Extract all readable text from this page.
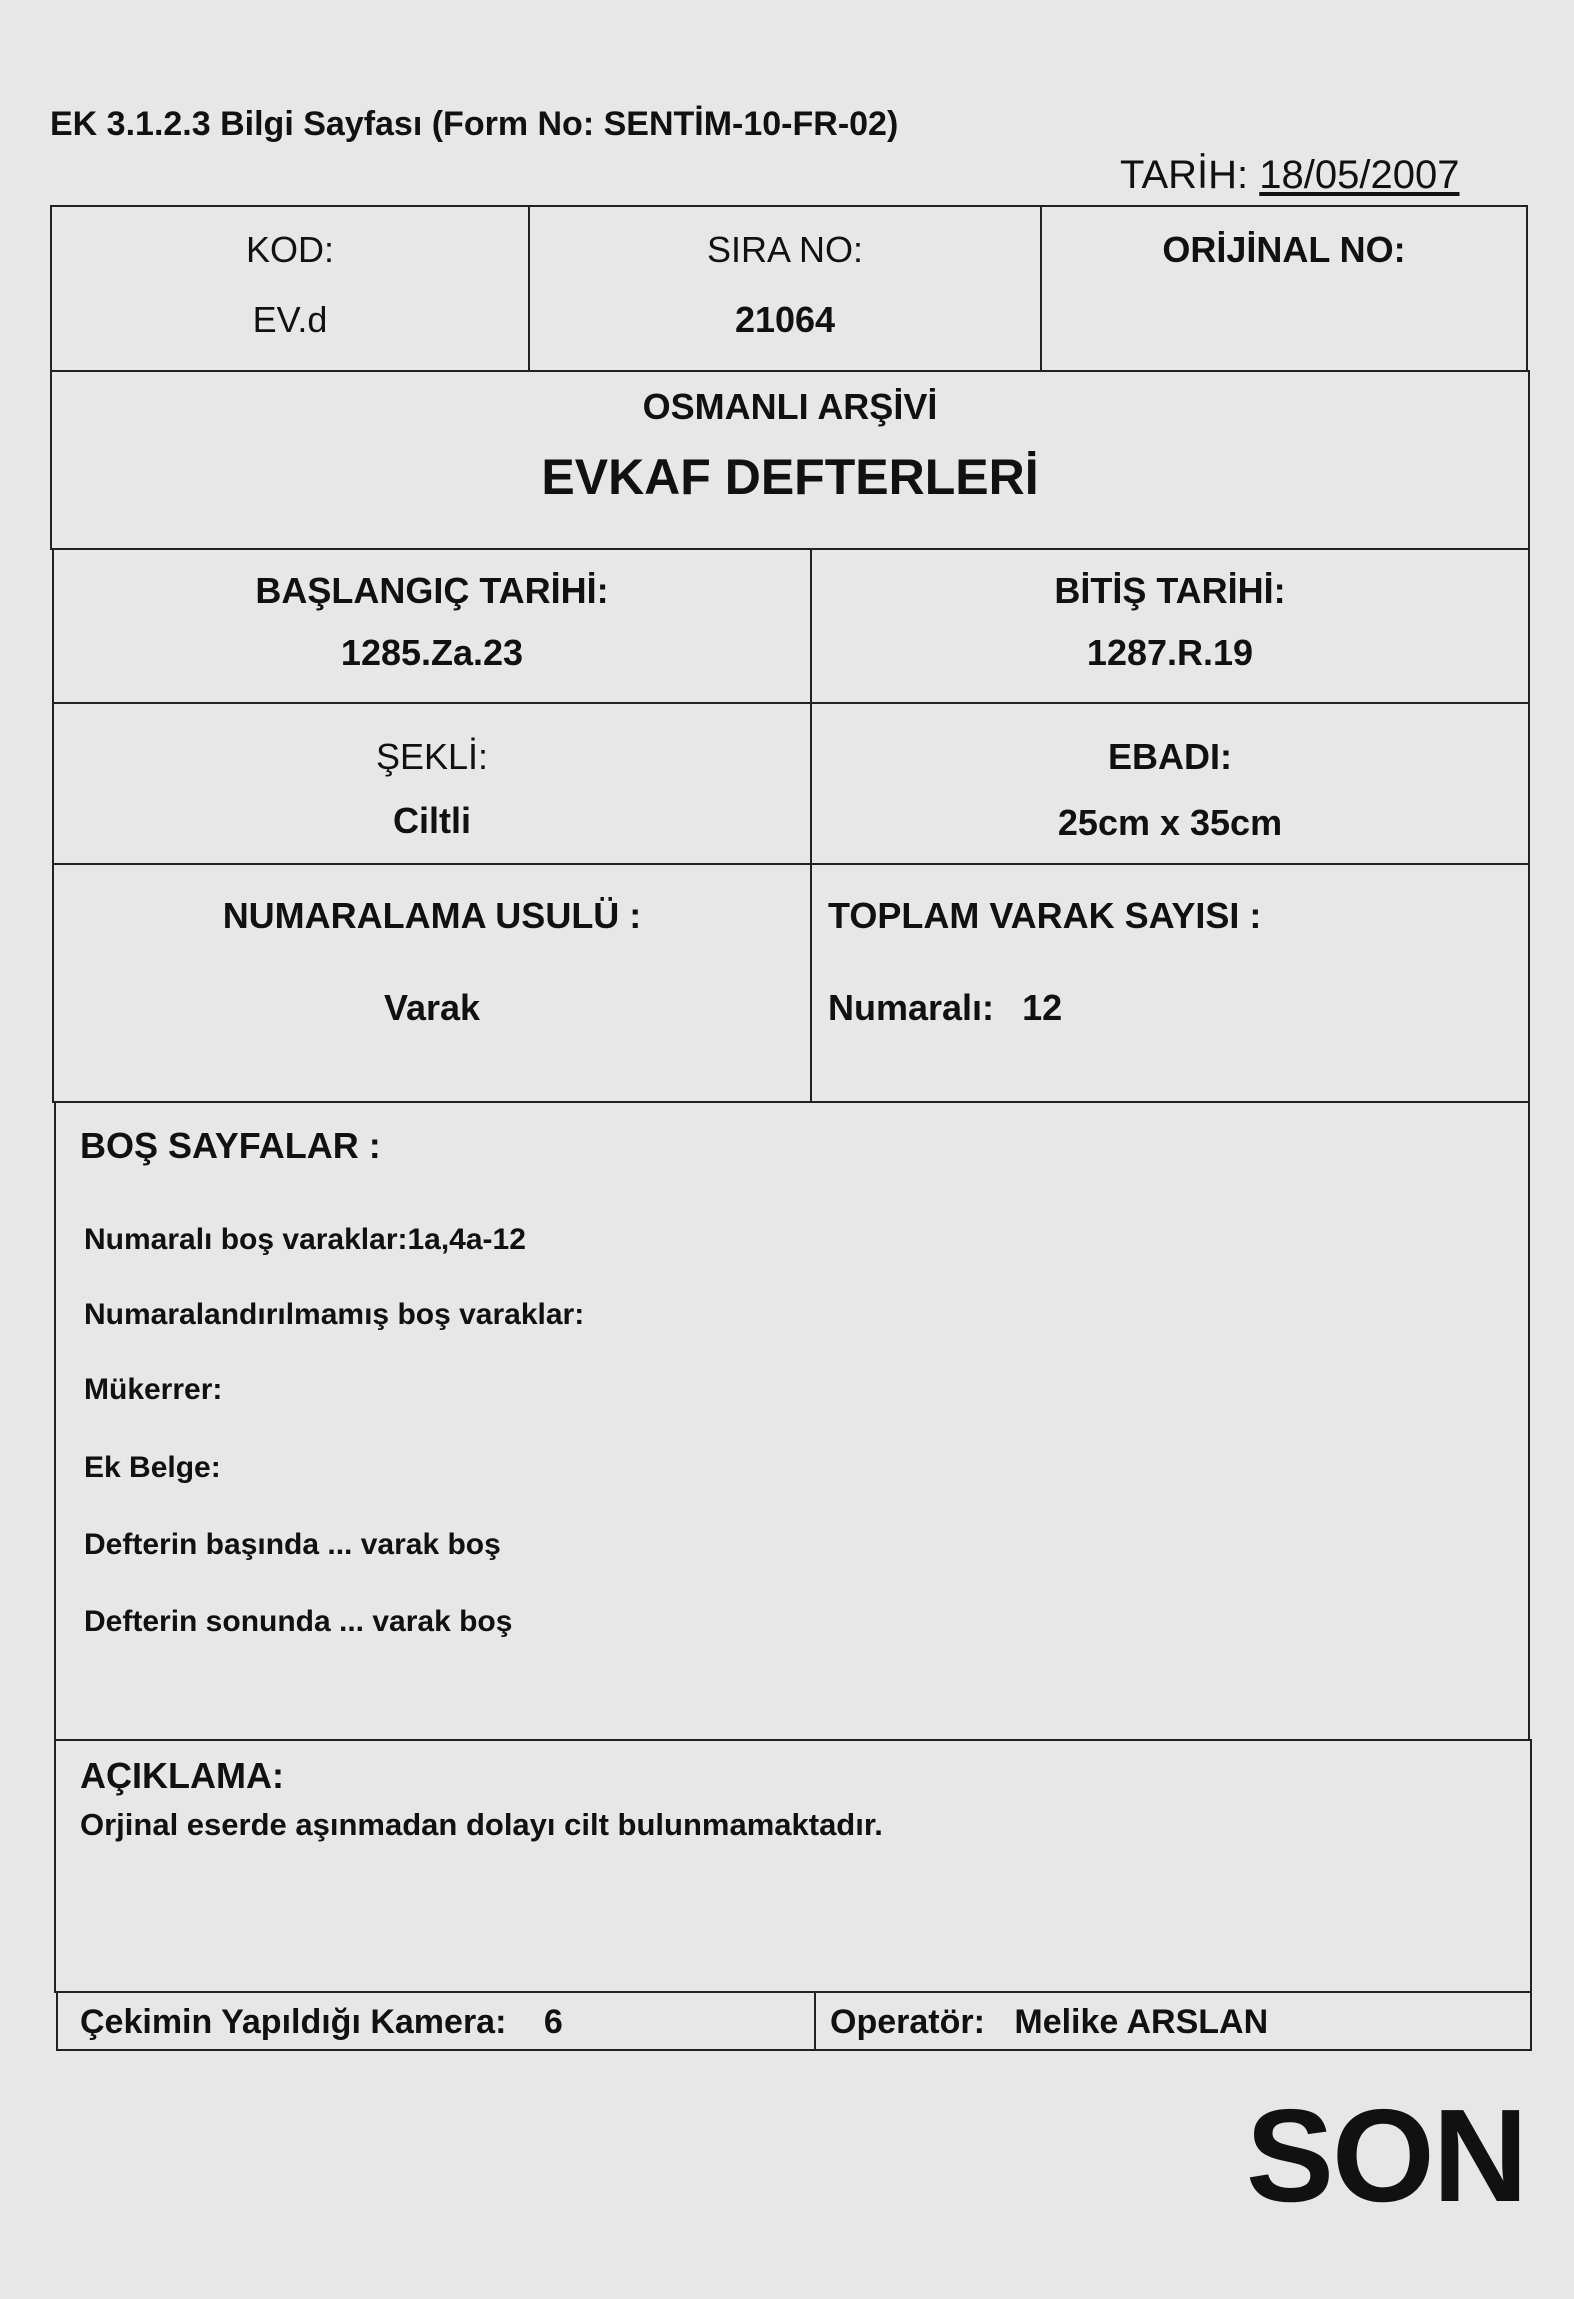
EK 3.1.2.3 Bilgi Sayfası (Form No: SENTİM-10-FR-02)
TARİH: 18/05/2007
KOD:
EV.d
SIRA NO:
21064
ORİJİNAL NO:
OSMANLI ARŞİVİ
EVKAF DEFTERLERİ
BAŞLANGIÇ TARİHİ:
1285.Za.23
BİTİŞ TARİHİ:
1287.R.19
ŞEKLİ:
Ciltli
EBADI:
25cm x 35cm
NUMARALAMA USULÜ :
Varak
TOPLAM VARAK SAYISI :
Numaralı: 12
BOŞ SAYFALAR :
Numaralı boş varaklar:1a,4a-12
Numaralandırılmamış boş varaklar:
Mükerrer:
Ek Belge:
Defterin başında ... varak boş
Defterin sonunda ... varak boş
AÇIKLAMA:
Orjinal eserde aşınmadan dolayı cilt bulunmamaktadır.
Çekimin Yapıldığı Kamera: 6	Operatör: Melike ARSLAN
SON
